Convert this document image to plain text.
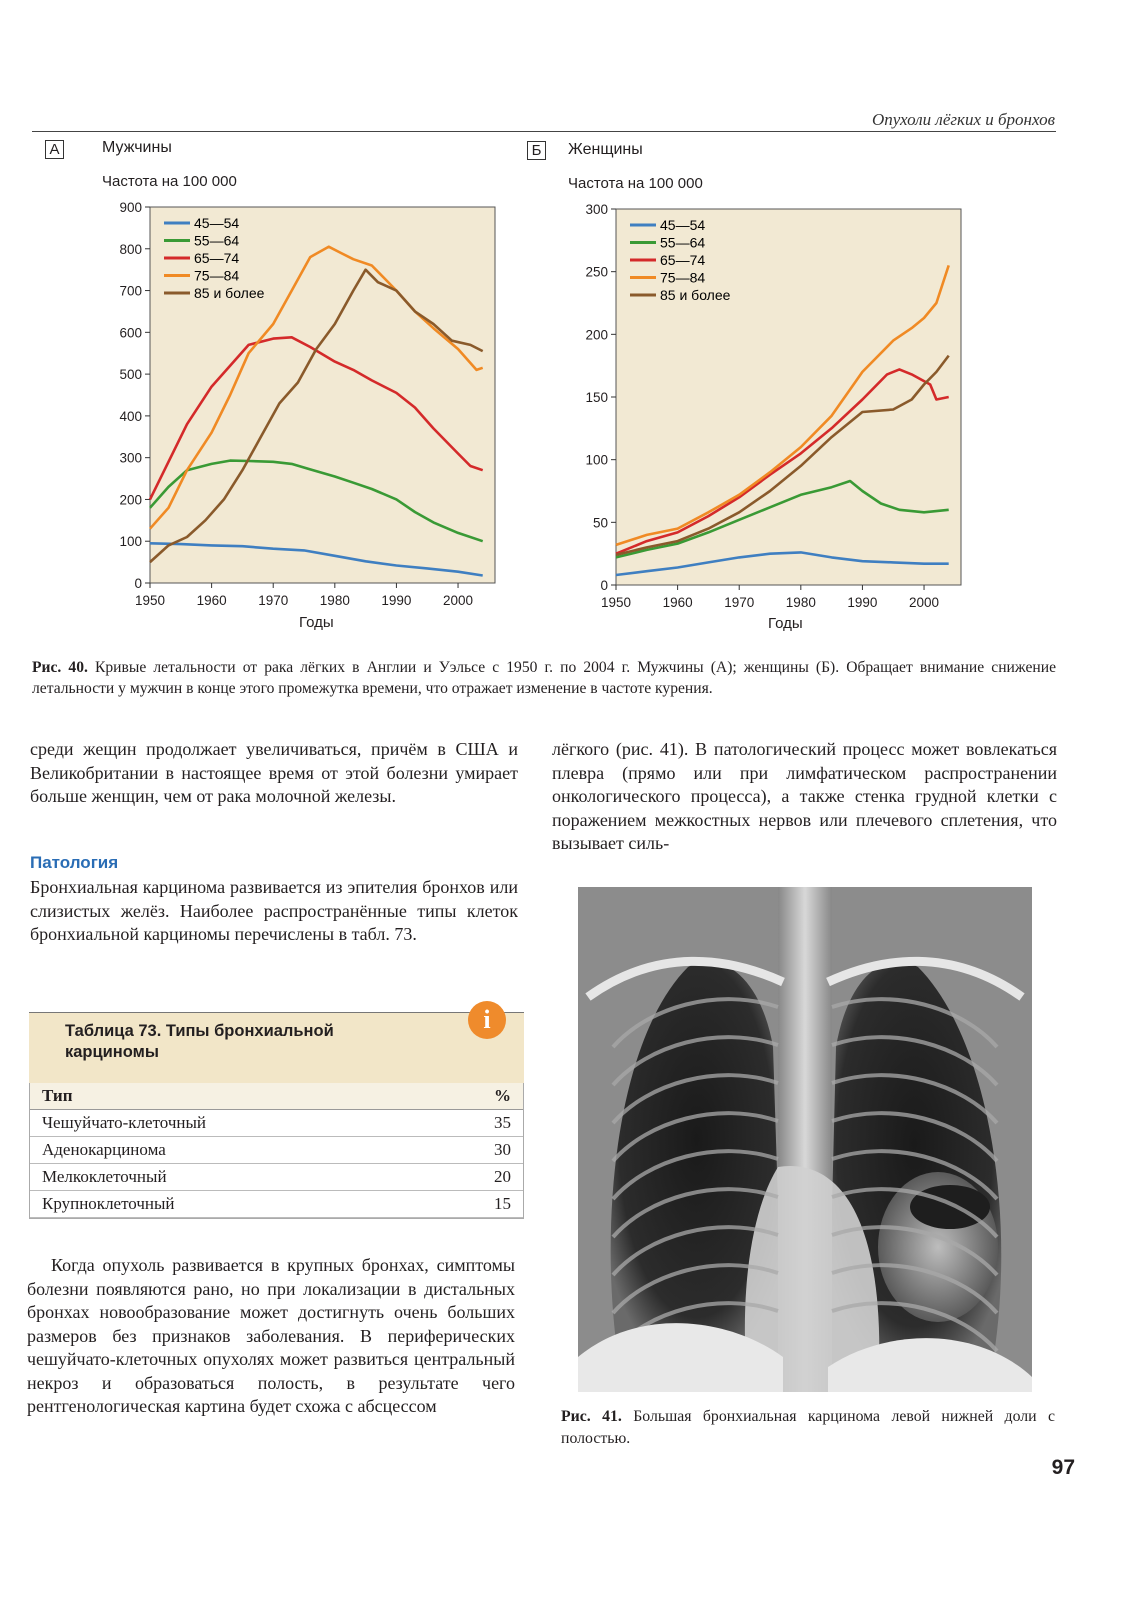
Опухоли лёгких и бронхов
А	Мужчины
Частота на 100 000
Годы
0
100
200
300
400
500
600
700
800
900
1950 1960 1970 1980 1990 2000
45—54
55—64
65—74
75—84
85 и более
Б Женщины
Частота на 100 000
Годы
0
50
100
150
200
250
300
1950 1960 1970 1980 1990 2000
45—54
55—64
65—74
75—84
85 и более
Рис. 40. Кривые летальности от рака лёгких в Англии и Уэльсе с 1950 г. по 2004 г. Мужчины (А); женщины (Б). Обращает внимание снижение летальности у мужчин в конце этого промежутка времени, что отражает изменение в частоте курения.
среди жещин продолжает увеличиваться, причём в США и Великобритании в настоящее время от этой болезни умирает больше женщин, чем от рака молочной железы.
Патология
Бронхиальная карцинома развивается из эпителия бронхов или слизистых желёз. Наиболее распространённые типы клеток бронхиальной карциномы перечислены в табл. 73.
Таблица 73. Типы бронхиальной карциномы
i
Тип	%
Чешуйчато-клеточный	35
Аденокарцинома	30
Мелкоклеточный	20
Крупноклеточный	15
Когда опухоль развивается в крупных бронхах, симптомы болезни появляются рано, но при локализации в дистальных бронхах новообразование может достигнуть очень больших размеров без признаков заболевания. В периферических чешуйчато-клеточных опухолях может развиться центральный некроз и образоваться полость, в результате чего рентгенологическая картина будет схожа с абсцессом
лёгкого (рис. 41). В патологический процесс может вовлекаться плевра (прямо или при лимфатическом распространении онкологического процесса), а также стенка грудной клетки с поражением межкостных нервов или плечевого сплетения, что вызывает силь-
Рис. 41. Большая бронхиальная карцинома левой нижней доли с полостью.
97
